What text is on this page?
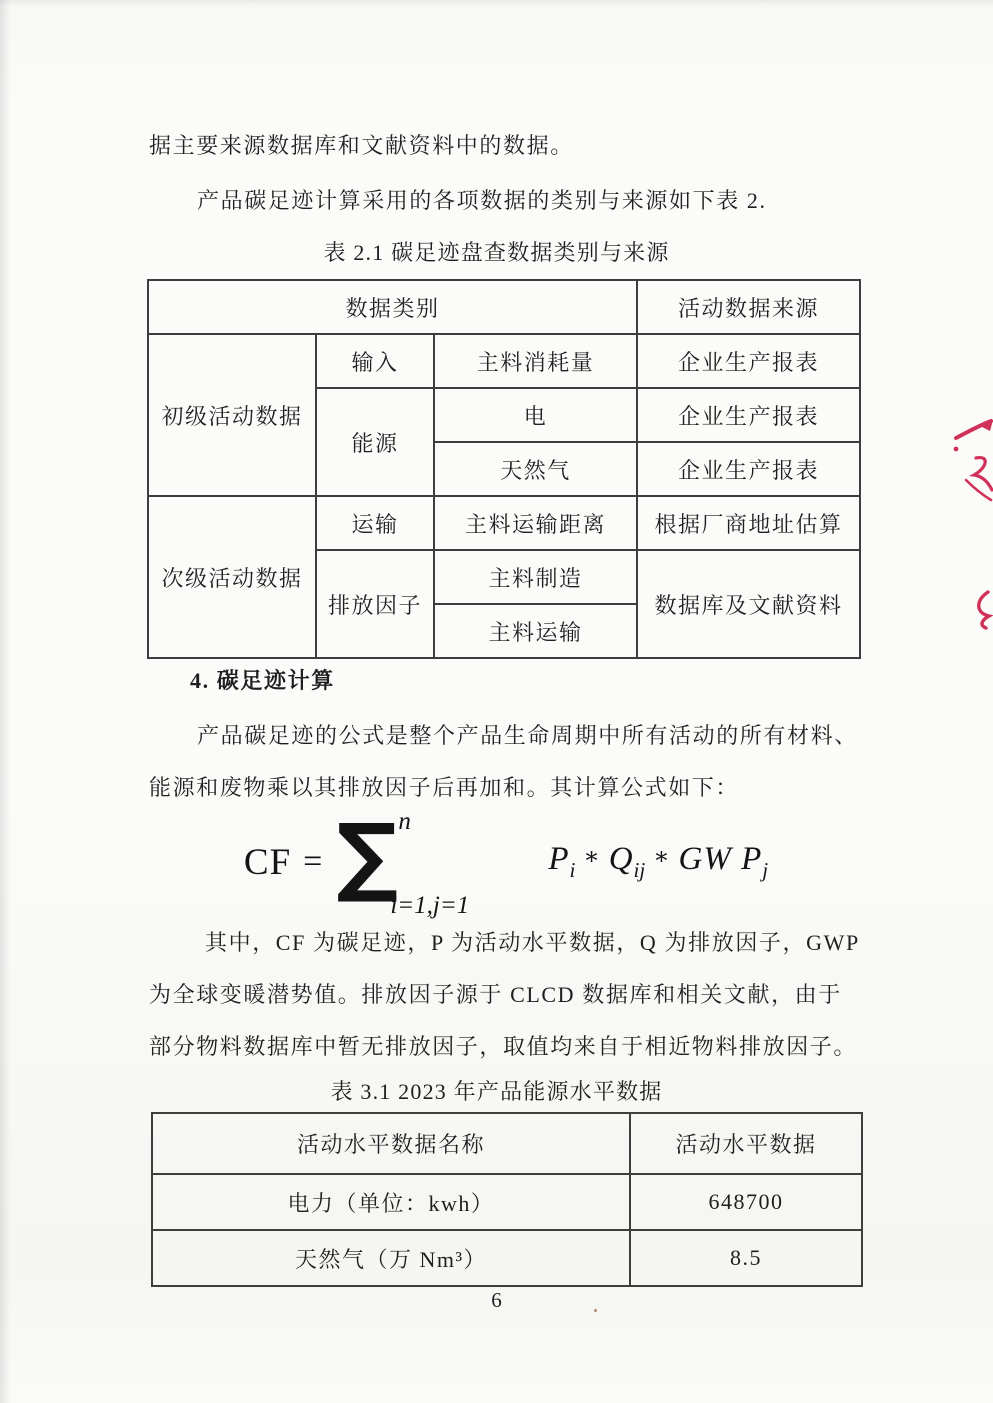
据主要来源数据库和文献资料中的数据。
产品碳足迹计算采用的各项数据的类别与来源如下表 2.
表 2.1 碳足迹盘查数据类别与来源
数据类别			活动数据来源
初级活动数据	输入	主料消耗量	企业生产报表
	能源	电	企业生产报表
		天然气	企业生产报表
次级活动数据	运输	主料运输距离	根据厂商地址估算
	排放因子	主料制造	数据库及文献资料
		主料运输	
4. 碳足迹计算
产品碳足迹的公式是整个产品生命周期中所有活动的所有材料、
能源和废物乘以其排放因子后再加和。其计算公式如下：
CF = ∑ n
i=1,j=1
$P_i$ ∗ $Q_{ij}$ ∗ GW $P_j$
其中，CF 为碳足迹，P 为活动水平数据，Q 为排放因子，GWP
为全球变暖潜势值。排放因子源于 CLCD 数据库和相关文献，由于
部分物料数据库中暂无排放因子，取值均来自于相近物料排放因子。
表 3.1 2023 年产品能源水平数据
活动水平数据名称	活动水平数据
电力（单位：kwh）	648700
天然气（万 Nm³）	8.5
6
